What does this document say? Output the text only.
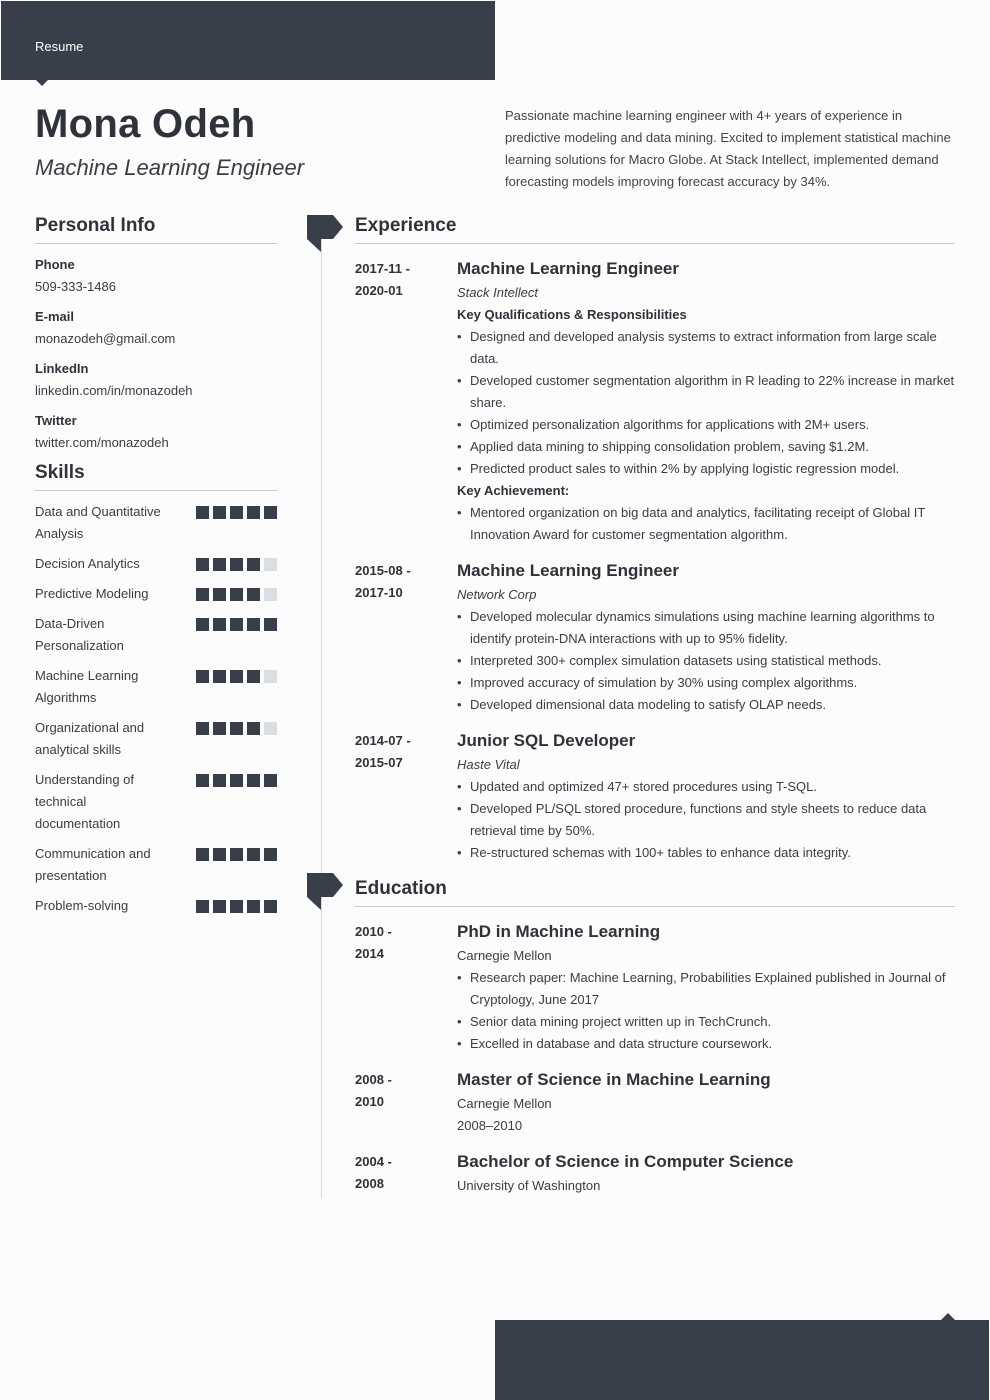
Resume
Mona Odeh
Machine Learning Engineer
Passionate machine learning engineer with 4+ years of experience in predictive modeling and data mining. Excited to implement statistical machine learning solutions for Macro Globe. At Stack Intellect, implemented demand forecasting models improving forecast accuracy by 34%.
Personal Info
Phone
509-333-1486
E-mail
monazodeh@gmail.com
LinkedIn
linkedin.com/in/monazodeh
Twitter
twitter.com/monazodeh
Skills
Data and Quantitative Analysis
Decision Analytics
Predictive Modeling
Data-Driven Personalization
Machine Learning Algorithms
Organizational and analytical skills
Understanding of technical documentation
Communication and presentation
Problem-solving
Experience
2017-11 -
2020-01
Machine Learning Engineer
Stack Intellect
Key Qualifications & Responsibilities
• Designed and developed analysis systems to extract information from large scale data.
• Developed customer segmentation algorithm in R leading to 22% increase in market share.
• Optimized personalization algorithms for applications with 2M+ users.
• Applied data mining to shipping consolidation problem, saving $1.2M.
• Predicted product sales to within 2% by applying logistic regression model.
Key Achievement:
• Mentored organization on big data and analytics, facilitating receipt of Global IT Innovation Award for customer segmentation algorithm.
2015-08 -
2017-10
Machine Learning Engineer
Network Corp
• Developed molecular dynamics simulations using machine learning algorithms to identify protein-DNA interactions with up to 95% fidelity.
• Interpreted 300+ complex simulation datasets using statistical methods.
• Improved accuracy of simulation by 30% using complex algorithms.
• Developed dimensional data modeling to satisfy OLAP needs.
2014-07 -
2015-07
Junior SQL Developer
Haste Vital
• Updated and optimized 47+ stored procedures using T-SQL.
• Developed PL/SQL stored procedure, functions and style sheets to reduce data retrieval time by 50%.
• Re-structured schemas with 100+ tables to enhance data integrity.
Education
2010 -
2014
PhD in Machine Learning
Carnegie Mellon
• Research paper: Machine Learning, Probabilities Explained published in Journal of Cryptology, June 2017
• Senior data mining project written up in TechCrunch.
• Excelled in database and data structure coursework.
2008 -
2010
Master of Science in Machine Learning
Carnegie Mellon
2008–2010
2004 -
2008
Bachelor of Science in Computer Science
University of Washington
